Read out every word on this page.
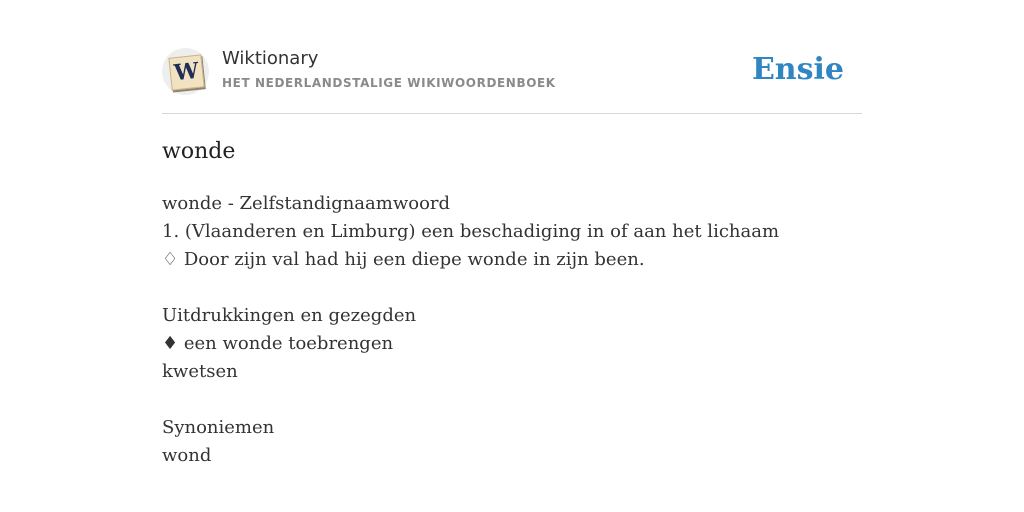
W Wiktionary
HET NEDERLANDSTALIGE WIKIWOORDENBOEK	Ensie
wonde
wonde - Zelfstandignaamwoord
1. (Vlaanderen en Limburg) een beschadiging in of aan het lichaam
♢ Door zijn val had hij een diepe wonde in zijn been.
Uitdrukkingen en gezegden
♦ een wonde toebrengen
kwetsen
Synoniemen
wond
